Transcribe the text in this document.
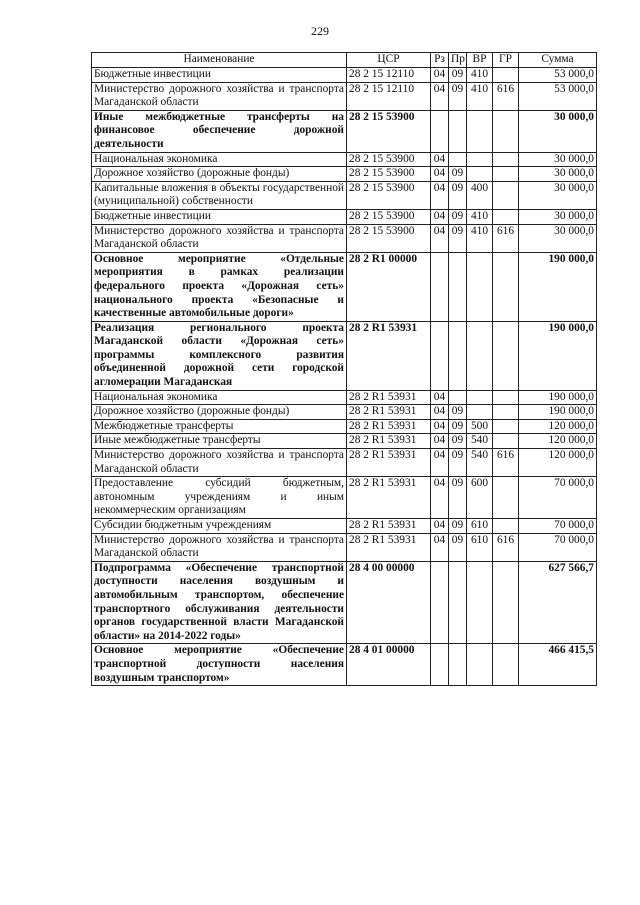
229
Наименование	ЦСР	Рз	Пр	ВР	ГР	Сумма
Бюджетные инвестиции	28 2 15 12110	04	09	410		53 000,0
Министерство дорожного хозяйства и транспорта Магаданской области	28 2 15 12110	04	09	410	616	53 000,0
Иные межбюджетные трансферты на финансовое обеспечение дорожной деятельности	28 2 15 53900					30 000,0
Национальная экономика	28 2 15 53900	04				30 000,0
Дорожное хозяйство (дорожные фонды)	28 2 15 53900	04	09			30 000,0
Капитальные вложения в объекты государственной (муниципальной) собственности	28 2 15 53900	04	09	400		30 000,0
Бюджетные инвестиции	28 2 15 53900	04	09	410		30 000,0
Министерство дорожного хозяйства и транспорта Магаданской области	28 2 15 53900	04	09	410	616	30 000,0
Основное мероприятие «Отдельные мероприятия в рамках реализации федерального проекта «Дорожная сеть» национального проекта «Безопасные и качественные автомобильные дороги»	28 2 R1 00000					190 000,0
Реализация регионального проекта Магаданской области «Дорожная сеть» программы комплексного развития объединенной дорожной сети городской агломерации Магаданская	28 2 R1 53931					190 000,0
Национальная экономика	28 2 R1 53931	04				190 000,0
Дорожное хозяйство (дорожные фонды)	28 2 R1 53931	04	09			190 000,0
Межбюджетные трансферты	28 2 R1 53931	04	09	500		120 000,0
Иные межбюджетные трансферты	28 2 R1 53931	04	09	540		120 000,0
Министерство дорожного хозяйства и транспорта Магаданской области	28 2 R1 53931	04	09	540	616	120 000,0
Предоставление субсидий бюджетным, автономным учреждениям и иным некоммерческим организациям	28 2 R1 53931	04	09	600		70 000,0
Субсидии бюджетным учреждениям	28 2 R1 53931	04	09	610		70 000,0
Министерство дорожного хозяйства и транспорта Магаданской области	28 2 R1 53931	04	09	610	616	70 000,0
Подпрограмма «Обеспечение транспортной доступности населения воздушным и автомобильным транспортом, обеспечение транспортного обслуживания деятельности органов государственной власти Магаданской области» на 2014-2022 годы»	28 4 00 00000					627 566,7
Основное мероприятие «Обеспечение транспортной доступности населения воздушным транспортом»	28 4 01 00000					466 415,5
